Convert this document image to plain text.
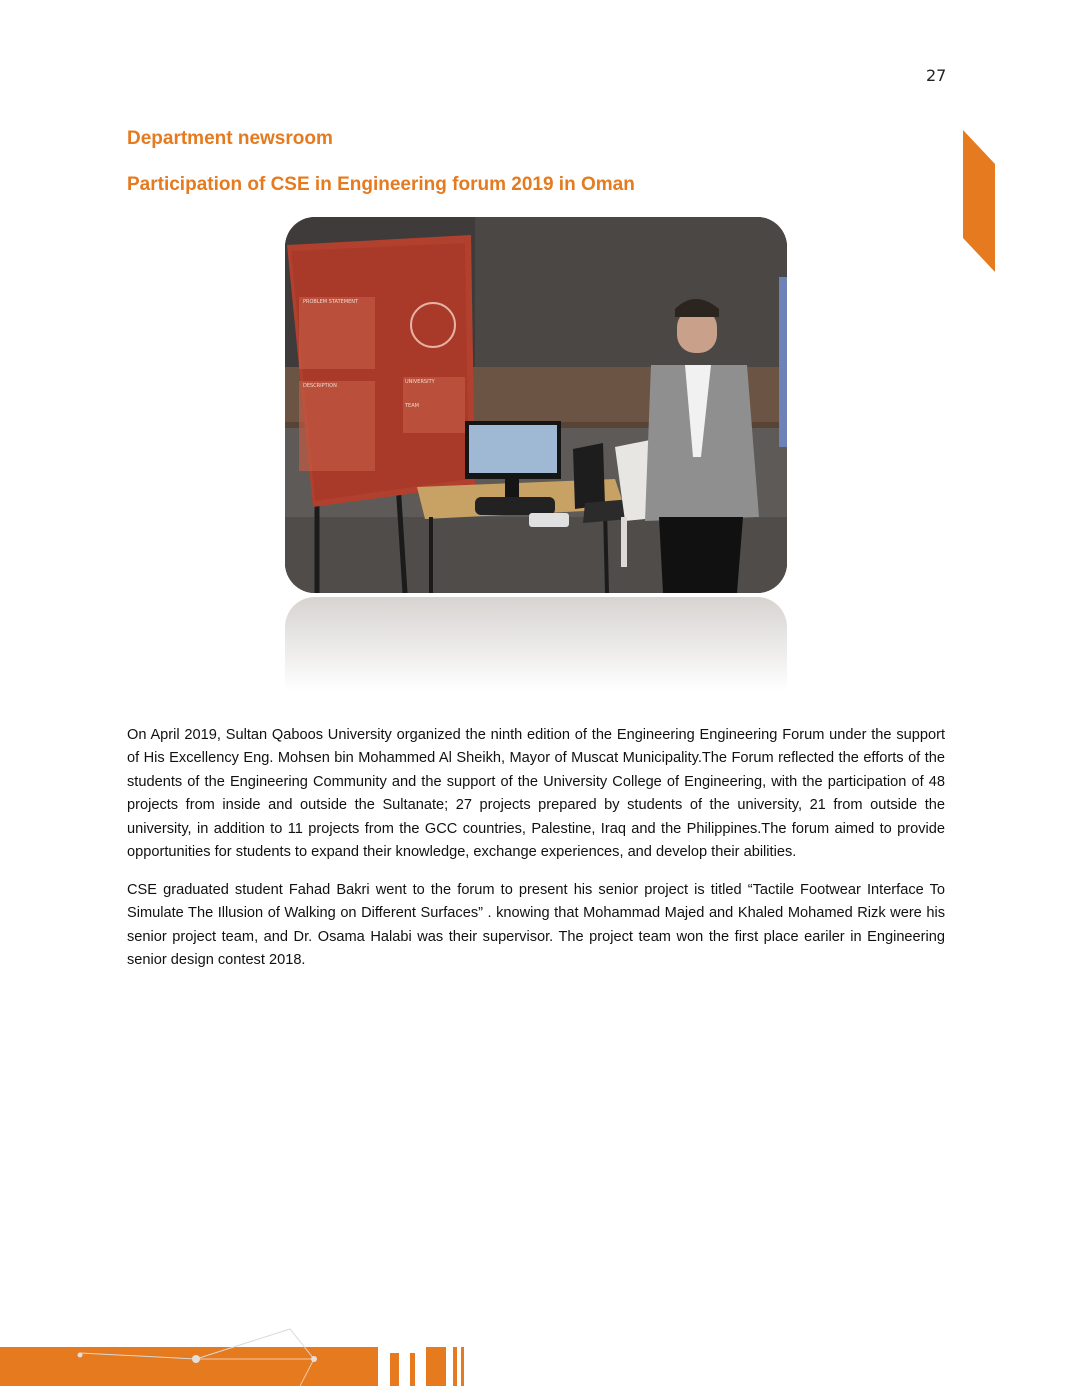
27
Department newsroom
Participation of CSE in Engineering forum 2019 in Oman
PROBLEM STATEMENT
DESCRIPTION
UNIVERSITY
TEAM

On April 2019, Sultan Qaboos University organized the ninth edition of the Engineering Engineering Forum under the support of His Excellency Eng. Mohsen bin Mohammed Al Sheikh, Mayor of Muscat Municipality.The Forum reflected the efforts of the students of the Engineering Community and the support of the University College of Engineering, with the participation of 48 projects from inside and outside the Sultanate; 27 projects prepared by students of the university, 21 from outside the university, in addition to 11 projects from the GCC countries, Palestine, Iraq and the Philippines.The forum aimed to provide opportunities for students to expand their knowledge, exchange experiences, and develop their abilities.

CSE graduated student Fahad Bakri went to the forum to present his senior project is titled “Tactile Footwear Interface To Simulate The Illusion of Walking on Different Surfaces” . knowing that Mohammad Majed and Khaled Mohamed Rizk were his senior project team, and Dr. Osama Halabi was their supervisor. The project team won the first place eariler in Engineering senior design contest 2018.
